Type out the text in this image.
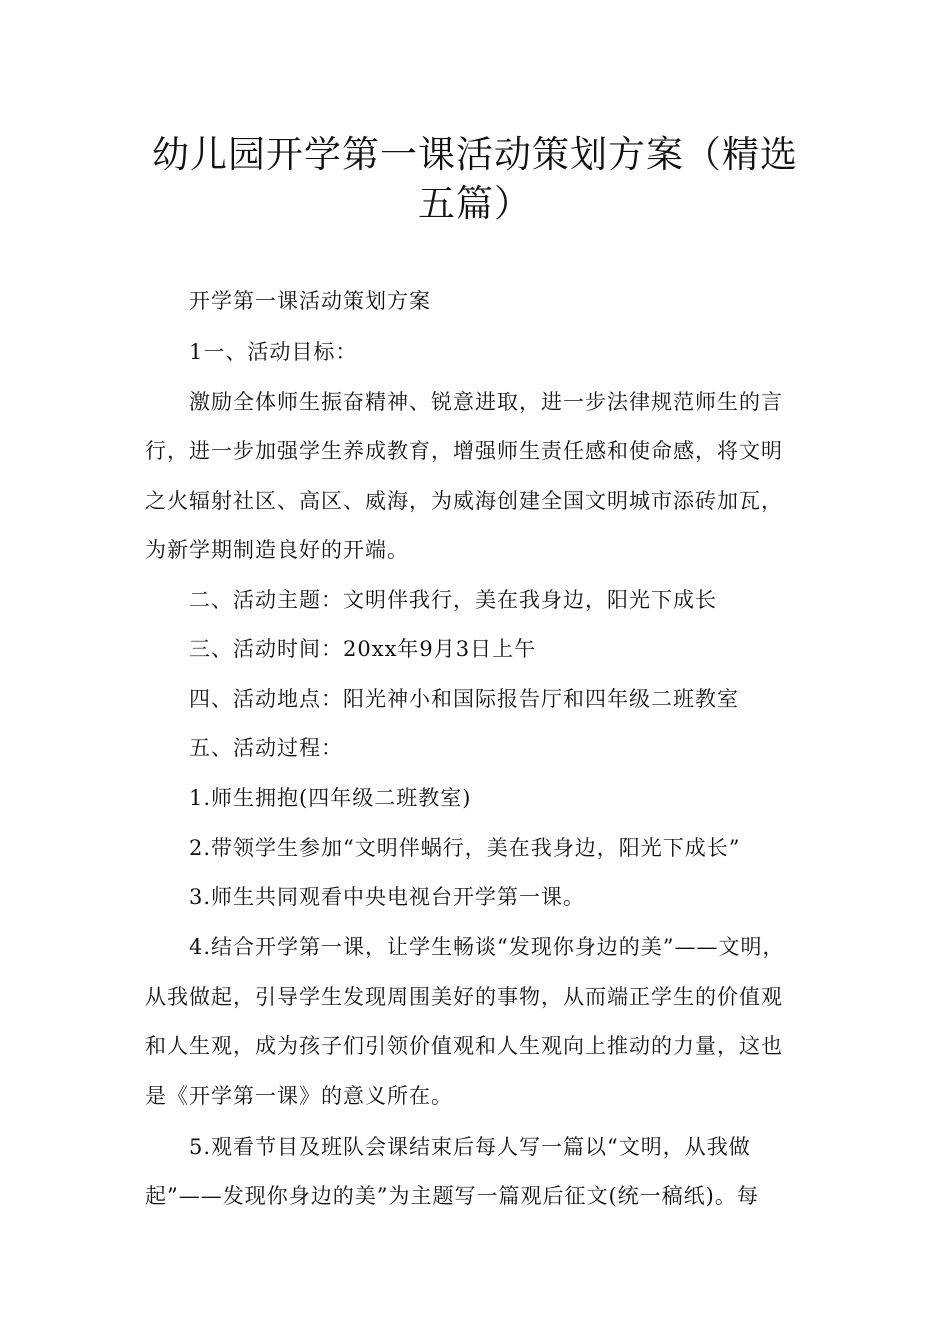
幼儿园开学第一课活动策划方案（精选
五篇）
开学第一课活动策划方案
1一、活动目标：
激励全体师生振奋精神、锐意进取，进一步法律规范师生的言
行，进一步加强学生养成教育，增强师生责任感和使命感，将文明
之火辐射社区、高区、威海，为威海创建全国文明城市添砖加瓦，
为新学期制造良好的开端。
二、活动主题：文明伴我行，美在我身边，阳光下成长
三、活动时间：20xx年9月3日上午
四、活动地点：阳光神小和国际报告厅和四年级二班教室
五、活动过程：
1.师生拥抱(四年级二班教室)
2.带领学生参加“文明伴蜗行，美在我身边，阳光下成长”
3.师生共同观看中央电视台开学第一课。
4.结合开学第一课，让学生畅谈“发现你身边的美”——文明，
从我做起，引导学生发现周围美好的事物，从而端正学生的价值观
和人生观，成为孩子们引领价值观和人生观向上推动的力量，这也
是《开学第一课》的意义所在。
5.观看节目及班队会课结束后每人写一篇以“文明，从我做
起”——发现你身边的美”为主题写一篇观后征文(统一稿纸)。每
